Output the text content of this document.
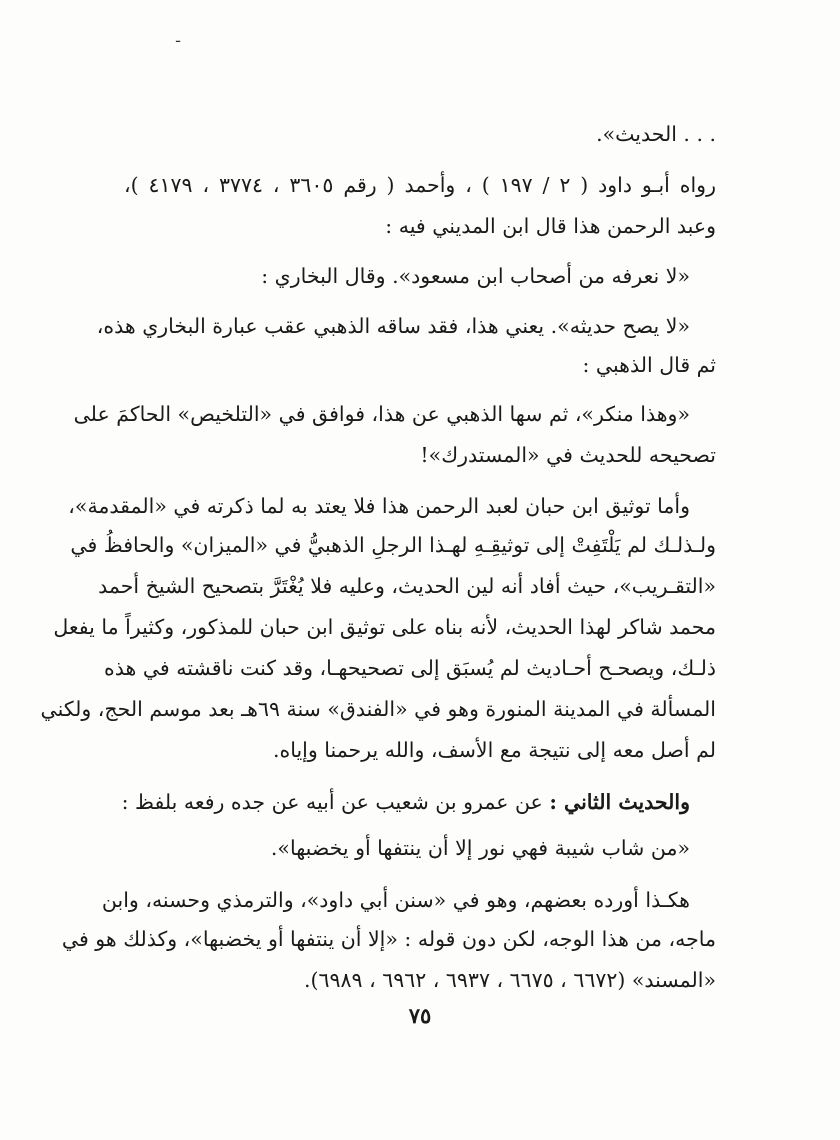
ـ
. . . الحديث».
رواه أبـو داود ( ٢ / ١٩٧ ) ، وأحمد ( رقم ٣٦٠٥ ، ٣٧٧٤ ، ٤١٧٩ )،
وعبد الرحمن هذا قال ابن المديني فيه :
«لا نعرفه من أصحاب ابن مسعود». وقال البخاري :
«لا يصح حديثه». يعني هذا، فقد ساقه الذهبي عقب عبارة البخاري هذه،
ثم قال الذهبي :
«وهذا منكر»، ثم سها الذهبي عن هذا، فوافق في «التلخيص» الحاكمَ على
تصحيحه للحديث في «المستدرك»!
وأما توثيق ابن حبان لعبد الرحمن هذا فلا يعتد به لما ذكرته في «المقدمة»،
ولـذلـك لم يَلْتَفِتْ إلى توثيقِـهِ لهـذا الرجلِ الذهبيُّ في «الميزان» والحافظُ في
«التقـريب»، حيث أفاد أنه لين الحديث، وعليه فلا يُغْتَرَّ بتصحيح الشيخ أحمد
محمد شاكر لهذا الحديث، لأنه بناه على توثيق ابن حبان للمذكور، وكثيراً ما يفعل
ذلـك، ويصحـح أحـاديث لم يُسبَق إلى تصحيحهـا، وقد كنت ناقشته في هذه
المسألة في المدينة المنورة وهو في «الفندق» سنة ٦٩هـ بعد موسم الحج، ولكني
لم أصل معه إلى نتيجة مع الأسف، والله يرحمنا وإياه.
والحديث الثاني : عن عمرو بن شعيب عن أبيه عن جده رفعه بلفظ :
«من شاب شيبة فهي نور إلا أن ينتفها أو يخضبها».
هكـذا أورده بعضهم، وهو في «سنن أبي داود»، والترمذي وحسنه، وابن
ماجه، من هذا الوجه، لكن دون قوله : «إلا أن ينتفها أو يخضبها»، وكذلك هو في
«المسند» (٦٦٧٢ ، ٦٦٧٥ ، ٦٩٣٧ ، ٦٩٦٢ ، ٦٩٨٩).
٧٥
